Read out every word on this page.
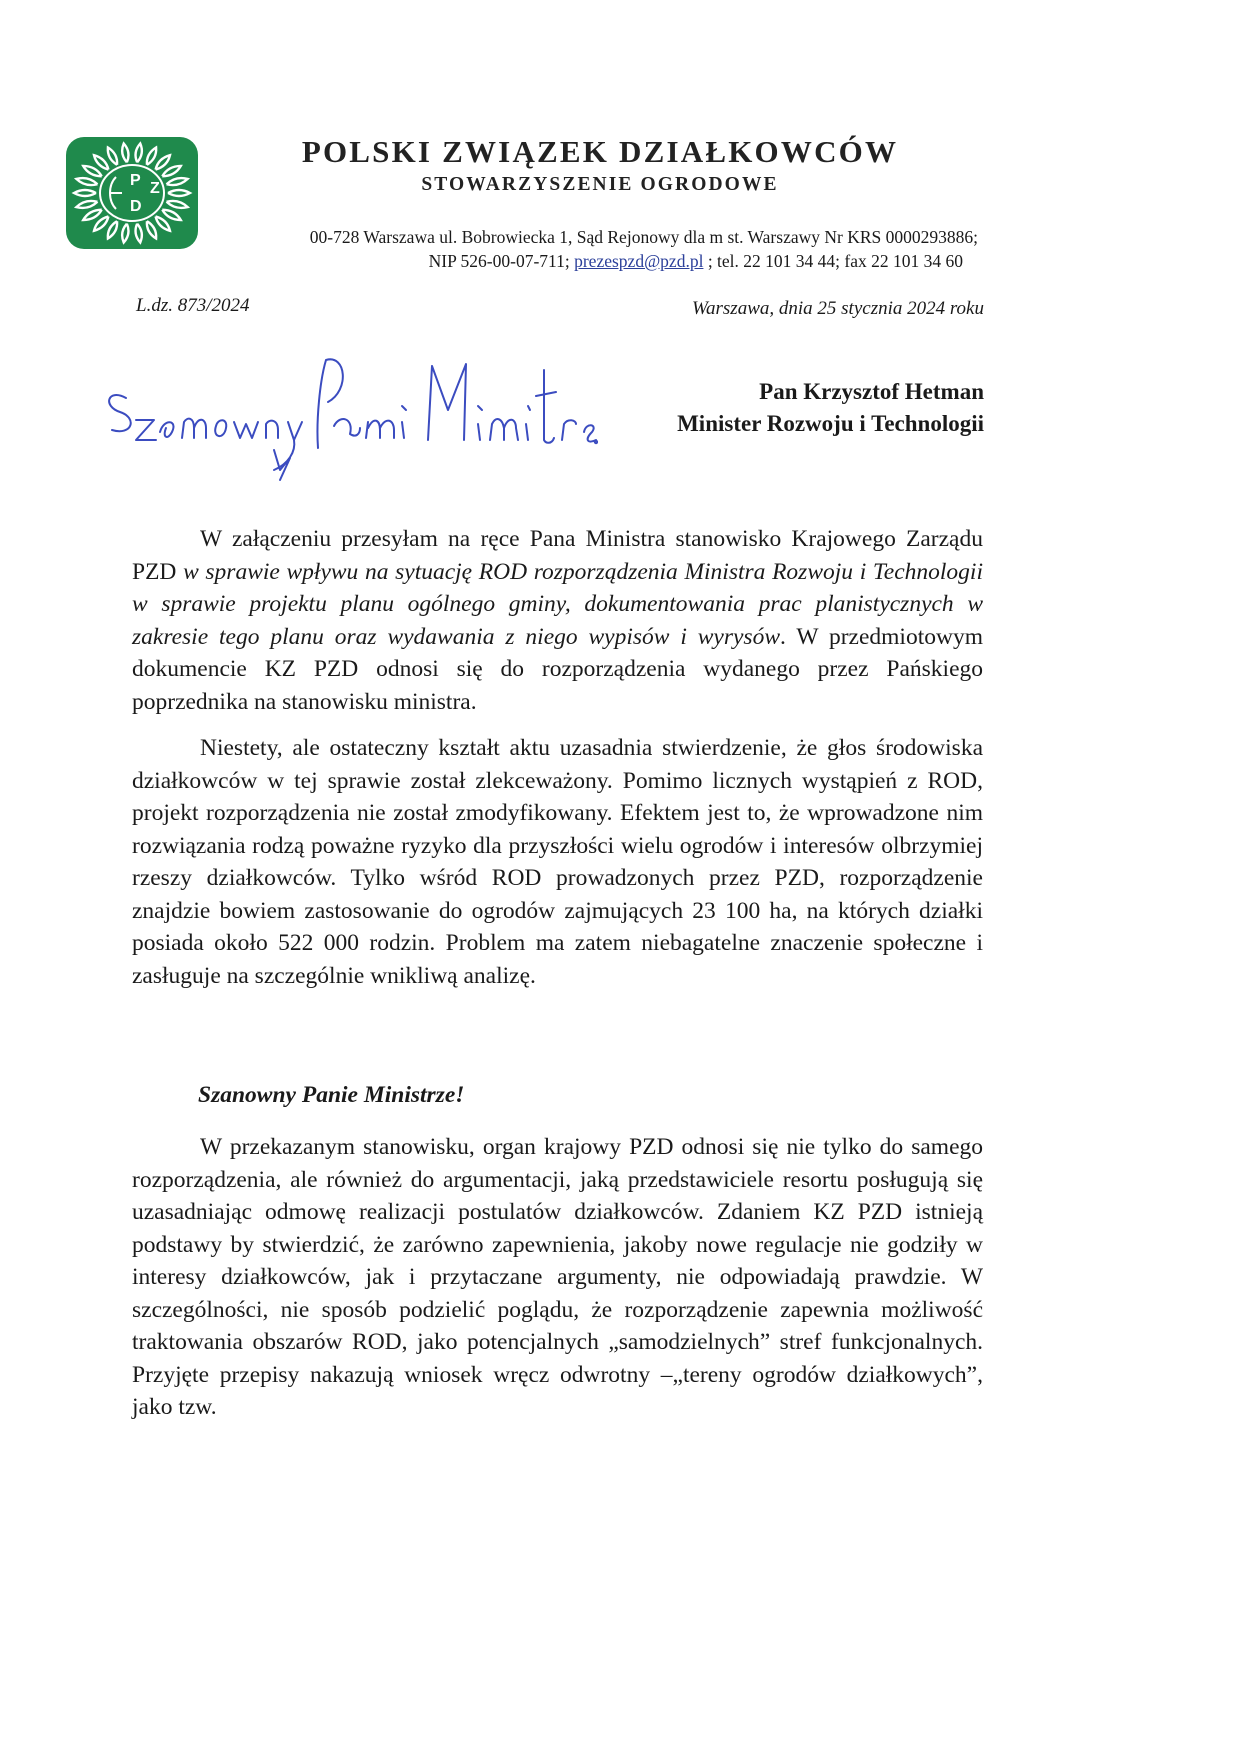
P Z
D
POLSKI ZWIĄZEK DZIAŁKOWCÓW
STOWARZYSZENIE OGRODOWE
00-728 Warszawa ul. Bobrowiecka 1, Sąd Rejonowy dla m st. Warszawy Nr KRS 0000293886;
NIP 526-00-07-711; prezespzd@pzd.pl ; tel. 22 101 34 44; fax 22 101 34 60
L.dz. 873/2024	Warszawa, dnia 25 stycznia 2024 roku
Pan Krzysztof Hetman
Minister Rozwoju i Technologii

W załączeniu przesyłam na ręce Pana Ministra stanowisko Krajowego Zarządu PZD w sprawie wpływu na sytuację ROD rozporządzenia Ministra Rozwoju i Technologii w sprawie projektu planu ogólnego gminy, dokumentowania prac planistycznych w zakresie tego planu oraz wydawania z niego wypisów i wyrysów. W przedmiotowym dokumencie KZ PZD odnosi się do rozporządzenia wydanego przez Pańskiego poprzednika na stanowisku ministra.

Niestety, ale ostateczny kształt aktu uzasadnia stwierdzenie, że głos środowiska działkowców w tej sprawie został zlekceważony. Pomimo licznych wystąpień z ROD, projekt rozporządzenia nie został zmodyfikowany. Efektem jest to, że wprowadzone nim rozwiązania rodzą poważne ryzyko dla przyszłości wielu ogrodów i interesów olbrzymiej rzeszy działkowców. Tylko wśród ROD prowadzonych przez PZD, rozporządzenie znajdzie bowiem zastosowanie do ogrodów zajmujących 23 100 ha, na których działki posiada około 522 000 rodzin. Problem ma zatem niebagatelne znaczenie społeczne i zasługuje na szczególnie wnikliwą analizę.

Szanowny Panie Ministrze!

W przekazanym stanowisku, organ krajowy PZD odnosi się nie tylko do samego rozporządzenia, ale również do argumentacji, jaką przedstawiciele resortu posługują się uzasadniając odmowę realizacji postulatów działkowców. Zdaniem KZ PZD istnieją podstawy by stwierdzić, że zarówno zapewnienia, jakoby nowe regulacje nie godziły w interesy działkowców, jak i przytaczane argumenty, nie odpowiadają prawdzie. W szczególności, nie sposób podzielić poglądu, że rozporządzenie zapewnia możliwość traktowania obszarów ROD, jako potencjalnych „samodzielnych” stref funkcjonalnych. Przyjęte przepisy nakazują wniosek wręcz odwrotny –„tereny ogrodów działkowych”, jako tzw.
